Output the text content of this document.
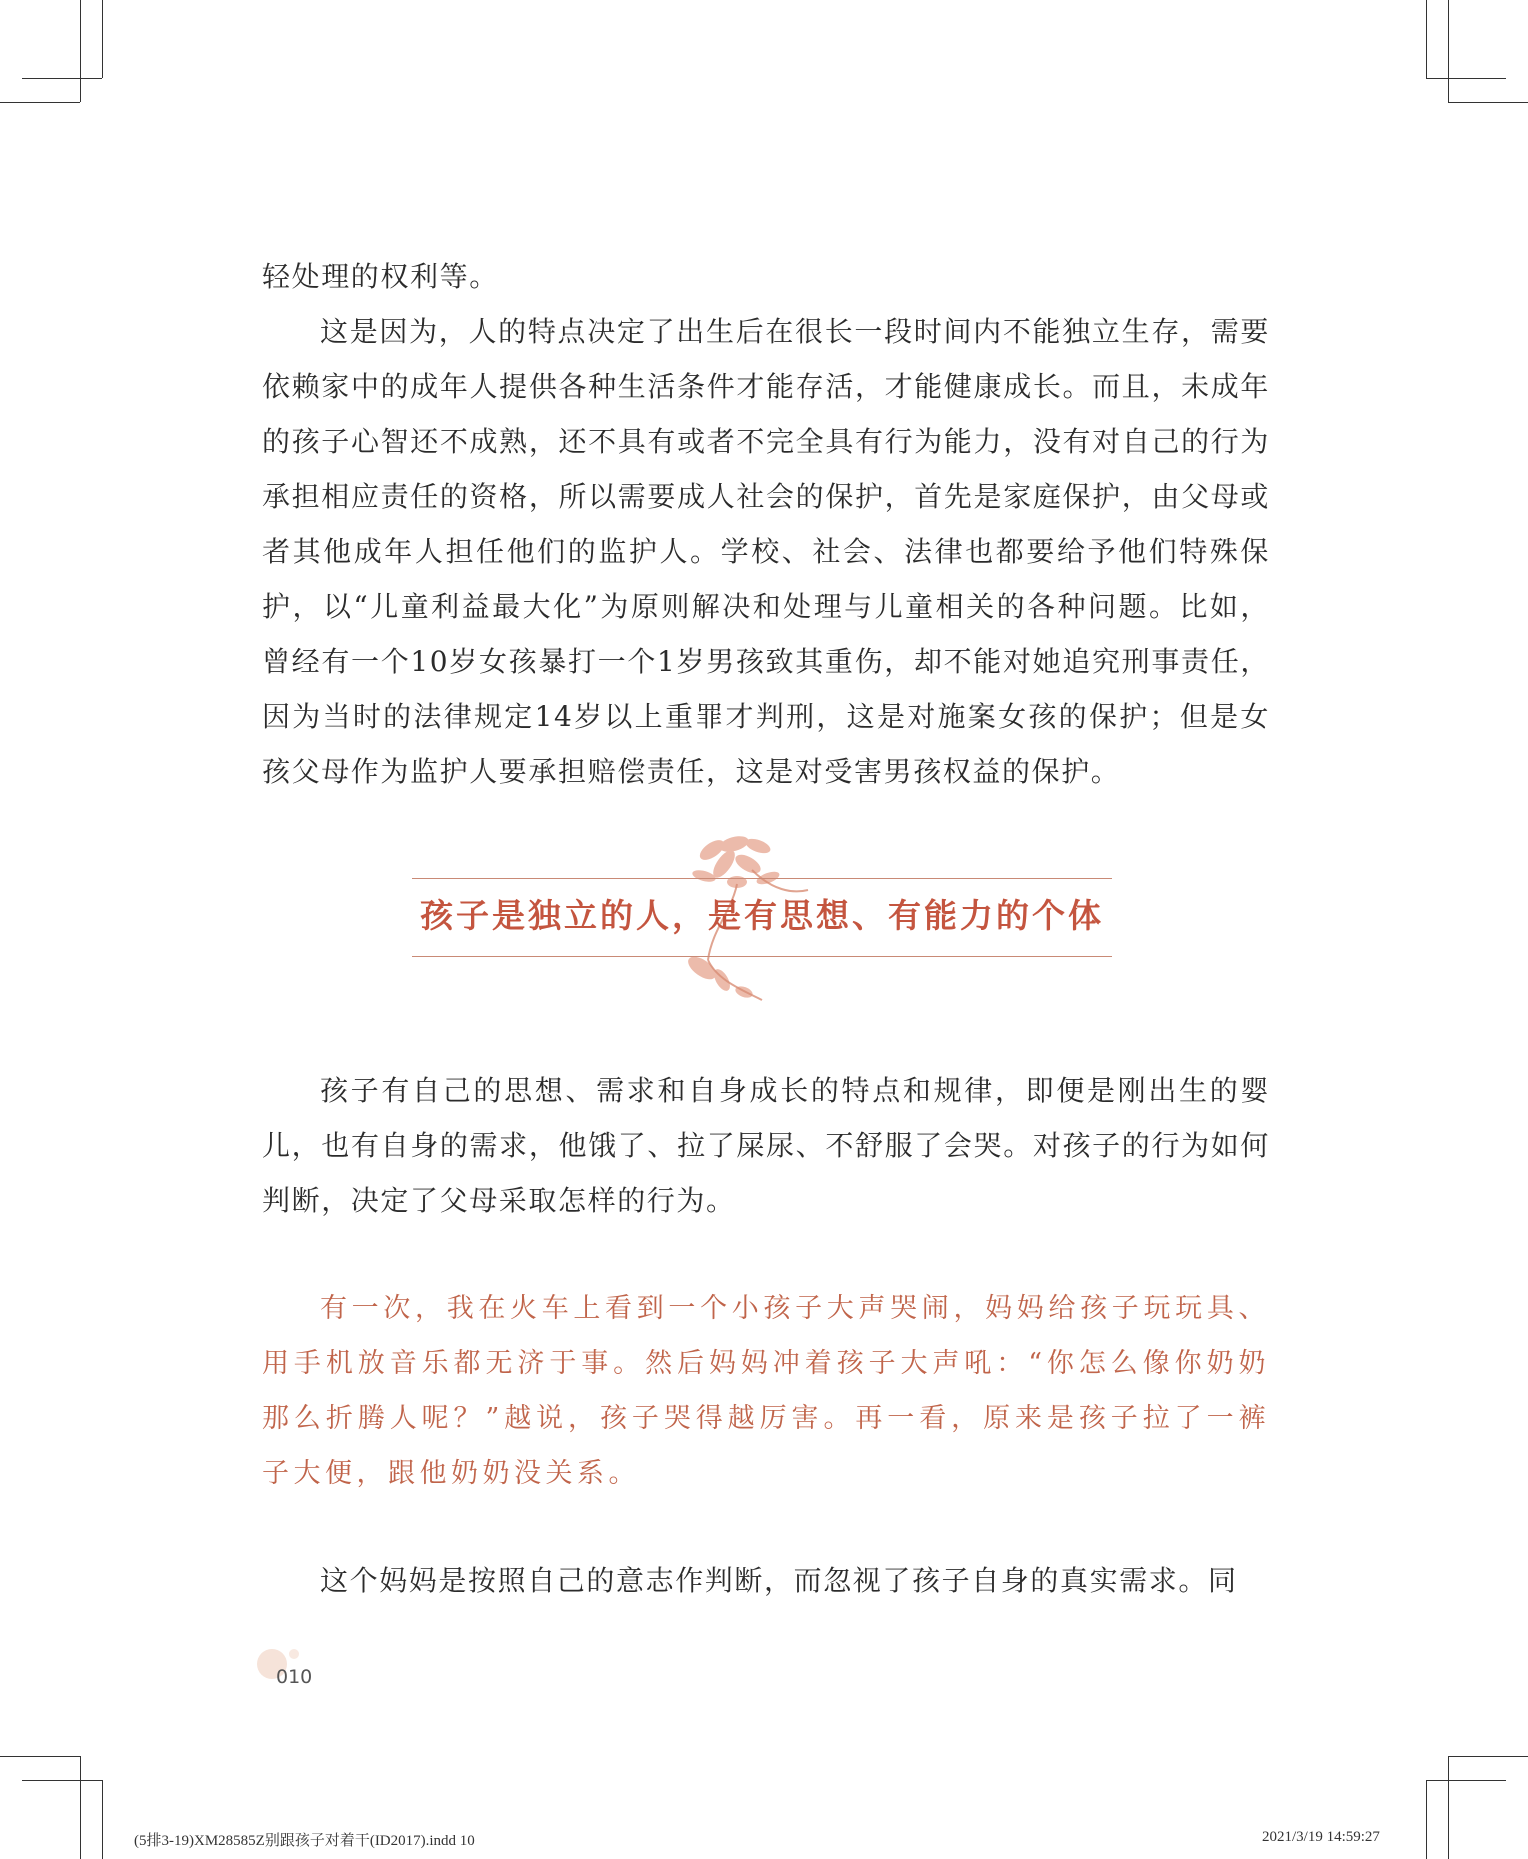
轻处理的权利等。

这是因为，人的特点决定了出生后在很长一段时间内不能独立生存，需要依赖家中的成年人提供各种生活条件才能存活，才能健康成长。而且，未成年的孩子心智还不成熟，还不具有或者不完全具有行为能力，没有对自己的行为承担相应责任的资格，所以需要成人社会的保护，首先是家庭保护，由父母或者其他成年人担任他们的监护人。学校、社会、法律也都要给予他们特殊保护，以“儿童利益最大化”为原则解决和处理与儿童相关的各种问题。比如，曾经有一个10岁女孩暴打一个1岁男孩致其重伤，却不能对她追究刑事责任，因为当时的法律规定14岁以上重罪才判刑，这是对施案女孩的保护；但是女孩父母作为监护人要承担赔偿责任，这是对受害男孩权益的保护。

孩子是独立的人，是有思想、有能力的个体

孩子有自己的思想、需求和自身成长的特点和规律，即便是刚出生的婴儿，也有自身的需求，他饿了、拉了屎尿、不舒服了会哭。对孩子的行为如何判断，决定了父母采取怎样的行为。

有一次，我在火车上看到一个小孩子大声哭闹，妈妈给孩子玩玩具、用手机放音乐都无济于事。然后妈妈冲着孩子大声吼：“你怎么像你奶奶那么折腾人呢？”越说，孩子哭得越厉害。再一看，原来是孩子拉了一裤子大便，跟他奶奶没关系。

这个妈妈是按照自己的意志作判断，而忽视了孩子自身的真实需求。同

010
(5排3-19)XM28585Z别跟孩子对着干(ID2017).indd 10	2021/3/19 14:59:27
